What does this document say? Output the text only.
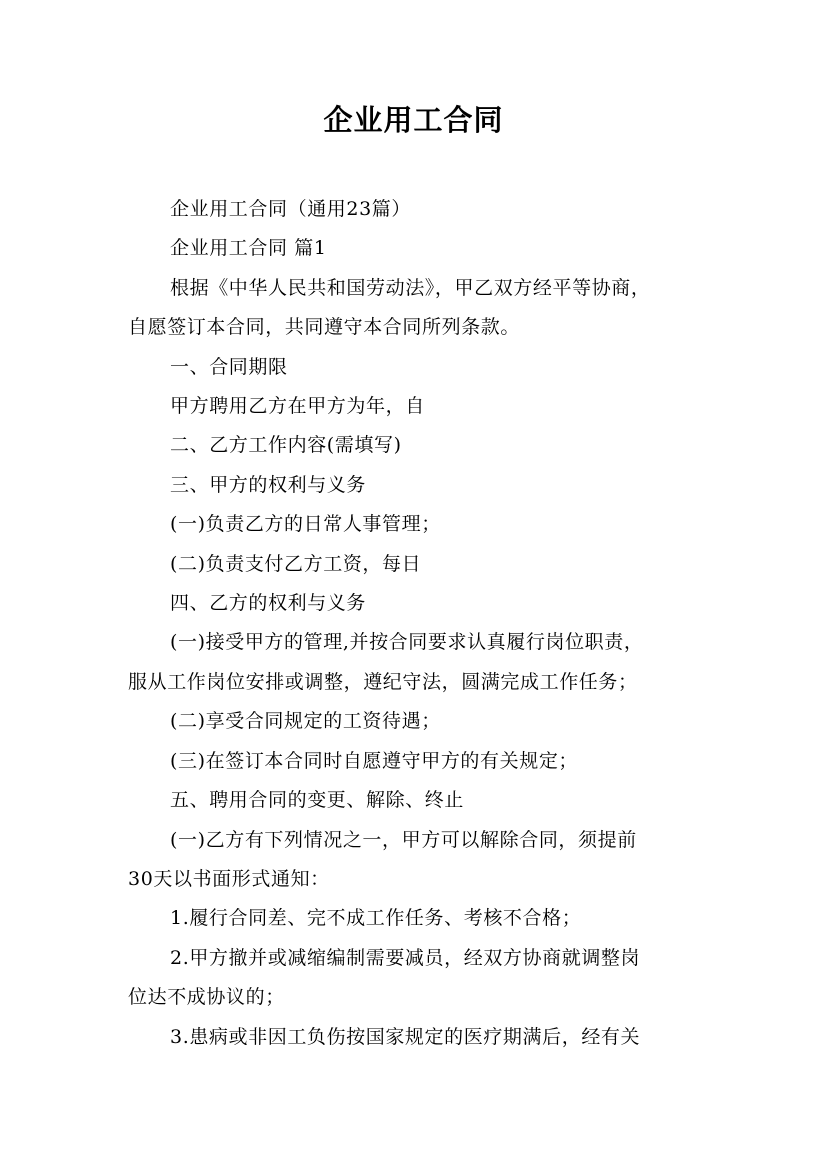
企业用工合同

企业用工合同（通用23篇）

企业用工合同 篇1

根据《中华人民共和国劳动法》，甲乙双方经平等协商，
自愿签订本合同，共同遵守本合同所列条款。

一、合同期限

甲方聘用乙方在甲方为年，自

二、乙方工作内容(需填写)

三、甲方的权利与义务

(一)负责乙方的日常人事管理；

(二)负责支付乙方工资，每日

四、乙方的权利与义务

(一)接受甲方的管理,并按合同要求认真履行岗位职责，
服从工作岗位安排或调整，遵纪守法，圆满完成工作任务；

(二)享受合同规定的工资待遇；

(三)在签订本合同时自愿遵守甲方的有关规定；

五、聘用合同的变更、解除、终止

(一)乙方有下列情况之一，甲方可以解除合同，须提前
30天以书面形式通知：

1.履行合同差、完不成工作任务、考核不合格；

2.甲方撤并或减缩编制需要减员，经双方协商就调整岗
位达不成协议的；

3.患病或非因工负伤按国家规定的医疗期满后，经有关
